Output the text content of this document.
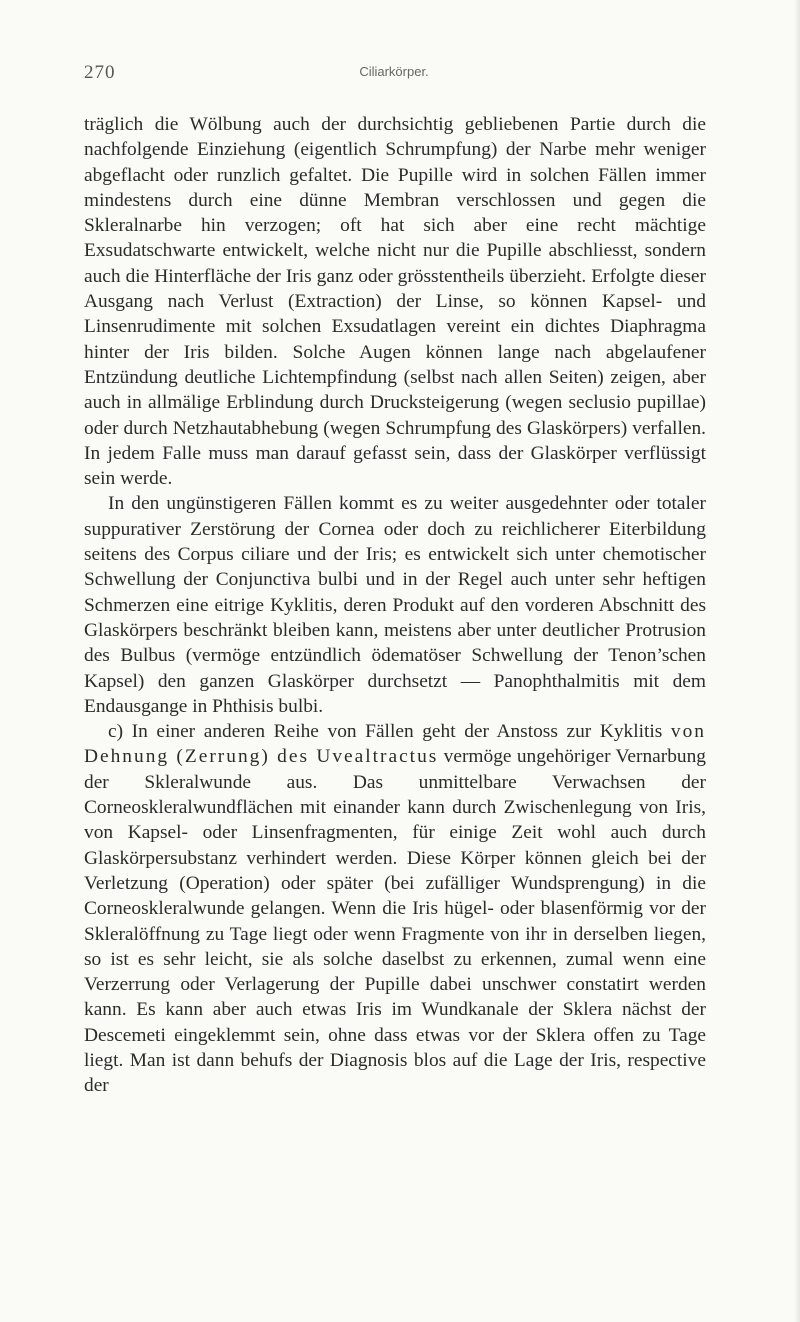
270	Ciliarkörper.

träglich die Wölbung auch der durchsichtig gebliebenen Partie durch die nachfolgende Einziehung (eigentlich Schrumpfung) der Narbe mehr weniger abgeflacht oder runzlich gefaltet. Die Pupille wird in solchen Fällen immer mindestens durch eine dünne Membran verschlossen und gegen die Skleralnarbe hin verzogen; oft hat sich aber eine recht mächtige Exsudatschwarte entwickelt, welche nicht nur die Pupille abschliesst, sondern auch die Hinterfläche der Iris ganz oder grösstentheils überzieht. Erfolgte dieser Ausgang nach Verlust (Extraction) der Linse, so können Kapsel- und Linsenrudimente mit solchen Exsudatlagen vereint ein dichtes Diaphragma hinter der Iris bilden. Solche Augen können lange nach abgelaufener Entzündung deutliche Lichtempfindung (selbst nach allen Seiten) zeigen, aber auch in allmälige Erblindung durch Drucksteigerung (wegen seclusio pupillae) oder durch Netzhautabhebung (wegen Schrumpfung des Glaskörpers) verfallen. In jedem Falle muss man darauf gefasst sein, dass der Glaskörper verflüssigt sein werde.

In den ungünstigeren Fällen kommt es zu weiter ausgedehnter oder totaler suppurativer Zerstörung der Cornea oder doch zu reichlicherer Eiterbildung seitens des Corpus ciliare und der Iris; es entwickelt sich unter chemotischer Schwellung der Conjunctiva bulbi und in der Regel auch unter sehr heftigen Schmerzen eine eitrige Kyklitis, deren Produkt auf den vorderen Abschnitt des Glaskörpers beschränkt bleiben kann, meistens aber unter deutlicher Protrusion des Bulbus (vermöge entzündlich ödematöser Schwellung der Tenon’schen Kapsel) den ganzen Glaskörper durchsetzt — Panophthalmitis mit dem Endausgange in Phthisis bulbi.

c) In einer anderen Reihe von Fällen geht der Anstoss zur Kyklitis von Dehnung (Zerrung) des Uvealtractus vermöge ungehöriger Vernarbung der Skleralwunde aus. Das unmittelbare Verwachsen der Corneoskleralwundflächen mit einander kann durch Zwischenlegung von Iris, von Kapsel- oder Linsenfragmenten, für einige Zeit wohl auch durch Glaskörpersubstanz verhindert werden. Diese Körper können gleich bei der Verletzung (Operation) oder später (bei zufälliger Wundsprengung) in die Corneoskleralwunde gelangen. Wenn die Iris hügel- oder blasenförmig vor der Skleralöffnung zu Tage liegt oder wenn Fragmente von ihr in derselben liegen, so ist es sehr leicht, sie als solche daselbst zu erkennen, zumal wenn eine Verzerrung oder Verlagerung der Pupille dabei unschwer constatirt werden kann. Es kann aber auch etwas Iris im Wundkanale der Sklera nächst der Descemeti eingeklemmt sein, ohne dass etwas vor der Sklera offen zu Tage liegt. Man ist dann behufs der Diagnosis blos auf die Lage der Iris, respective der
